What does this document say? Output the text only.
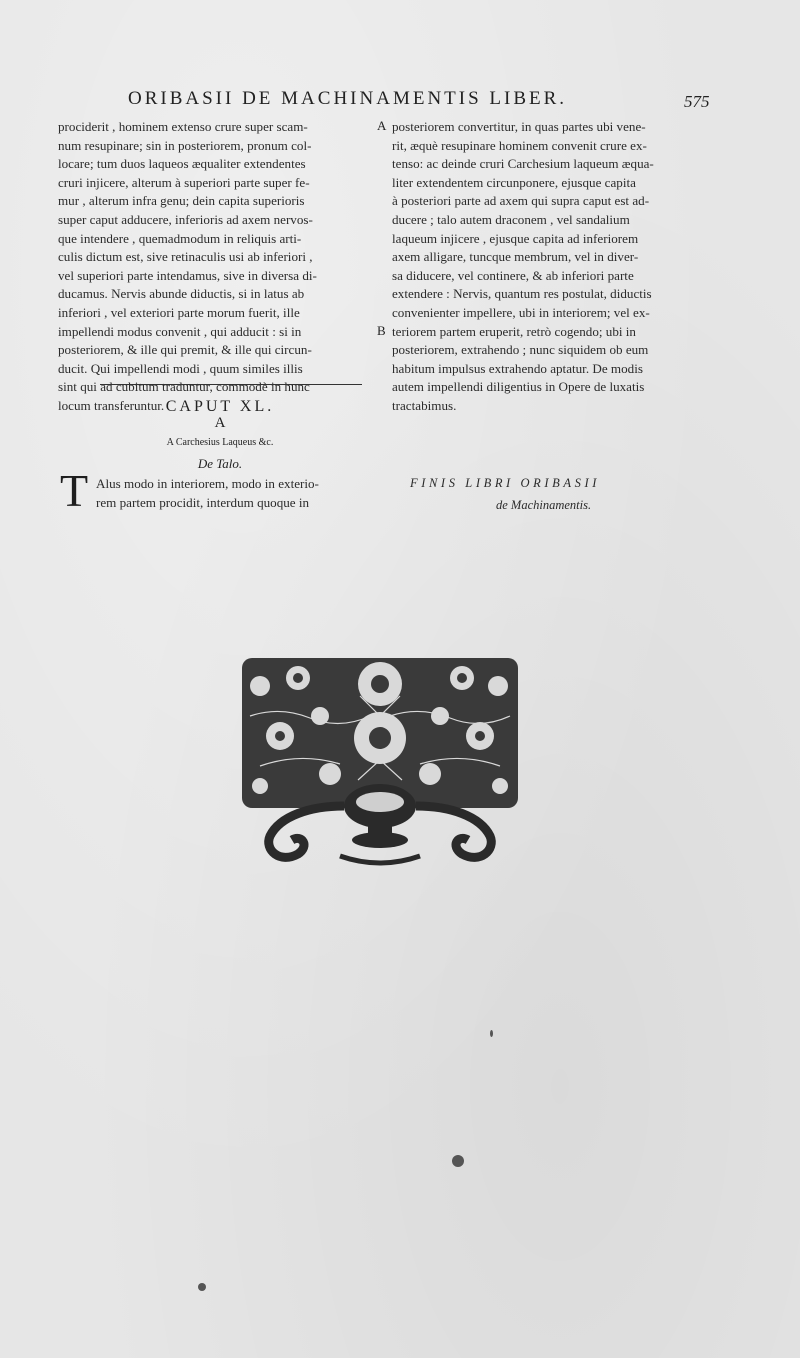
ORIBASII DE MACHINAMENTIS LIBER.	575
prociderit , hominem extenso crure super scam-
num resupinare; sin in posteriorem, pronum col-
locare; tum duos laqueos æqualiter extendentes
cruri injicere, alterum à superiori parte super fe-
mur , alterum infra genu; dein capita superioris
super caput adducere, inferioris ad axem nervos-
que intendere , quemadmodum in reliquis arti-
culis dictum est, sive retinaculis usi ab inferiori ,
vel superiori parte intendamus, sive in diversa di-
ducamus. Nervis abunde diductis, si in latus ab
inferiori , vel exteriori parte morum fuerit, ille
impellendi modus convenit , qui adducit : si in
posteriorem, & ille qui premit, & ille qui circun-
ducit. Qui impellendi modi , quum similes illis
sint qui ad cubitum traduntur, commodè in hunc
locum transferuntur.
A
B
posteriorem convertitur, in quas partes ubi vene-
rit, æquè resupinare hominem convenit crure ex-
tenso: ac deinde cruri Carchesium laqueum æqua-
liter extendentem circunponere, ejusque capita
à posteriori parte ad axem qui supra caput est ad-
ducere ; talo autem draconem , vel sandalium
laqueum injicere , ejusque capita ad inferiorem
axem alligare, tuncque membrum, vel in diver-
sa diducere, vel continere, & ab inferiori parte
extendere : Nervis, quantum res postulat, diductis
convenienter impellere, ubi in interiorem; vel ex-
teriorem partem eruperit, retrò cogendo; ubi in
posteriorem, extrahendo ; nunc siquidem ob eum
habitum impulsus extrahendo aptatur. De modis
autem impellendi diligentius in Opere de luxatis
tractabimus.
CAPUT XL.
A
A Carchesius Laqueus &c.
De Talo.
T Alus modo in interiorem, modo in exterio-
rem partem procidit, interdum quoque in
FINIS LIBRI ORIBASII
de Machinamentis.
